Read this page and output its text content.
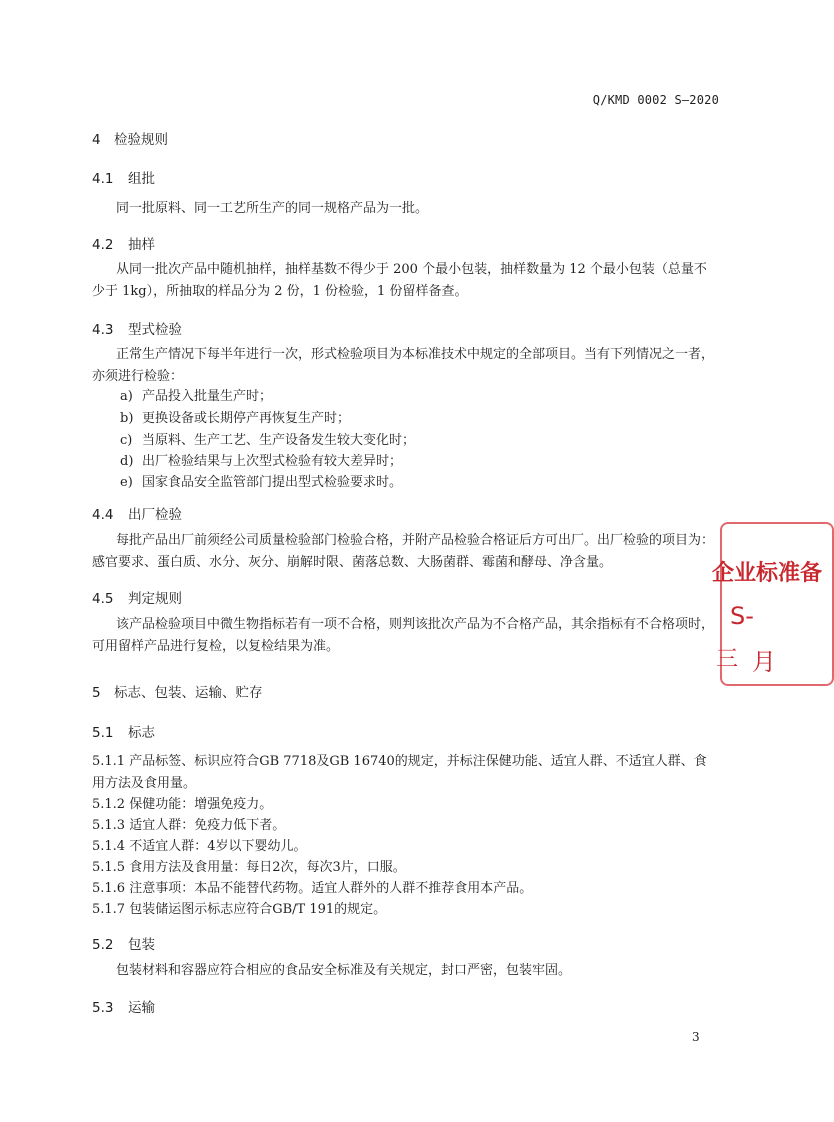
Q/KMD 0002 S—2020
4 检验规则
4.1 组批
同一批原料、同一工艺所生产的同一规格产品为一批。
4.2 抽样
从同一批次产品中随机抽样，抽样基数不得少于 200 个最小包装，抽样数量为 12 个最小包装（总量不少于 1kg），所抽取的样品分为 2 份，1 份检验，1 份留样备查。
4.3 型式检验
正常生产情况下每半年进行一次，形式检验项目为本标准技术中规定的全部项目。当有下列情况之一者，亦须进行检验：
a) 产品投入批量生产时；
b) 更换设备或长期停产再恢复生产时；
c) 当原料、生产工艺、生产设备发生较大变化时；
d) 出厂检验结果与上次型式检验有较大差异时；
e) 国家食品安全监管部门提出型式检验要求时。
4.4 出厂检验
每批产品出厂前须经公司质量检验部门检验合格，并附产品检验合格证后方可出厂。出厂检验的项目为：感官要求、蛋白质、水分、灰分、崩解时限、菌落总数、大肠菌群、霉菌和酵母、净含量。
4.5 判定规则
该产品检验项目中微生物指标若有一项不合格，则判该批次产品为不合格产品，其余指标有不合格项时，可用留样产品进行复检，以复检结果为准。
5 标志、包装、运输、贮存
5.1 标志
5.1.1 产品标签、标识应符合GB 7718及GB 16740的规定，并标注保健功能、适宜人群、不适宜人群、食用方法及食用量。
5.1.2 保健功能：增强免疫力。
5.1.3 适宜人群：免疫力低下者。
5.1.4 不适宜人群：4岁以下婴幼儿。
5.1.5 食用方法及食用量：每日2次，每次3片，口服。
5.1.6 注意事项：本品不能替代药物。适宜人群外的人群不推荐食用本产品。
5.1.7 包装储运图示标志应符合GB/T 191的规定。
5.2 包装
包装材料和容器应符合相应的食品安全标准及有关规定，封口严密，包装牢固。
5.3 运输
3
企业标准备
S-
三 月
